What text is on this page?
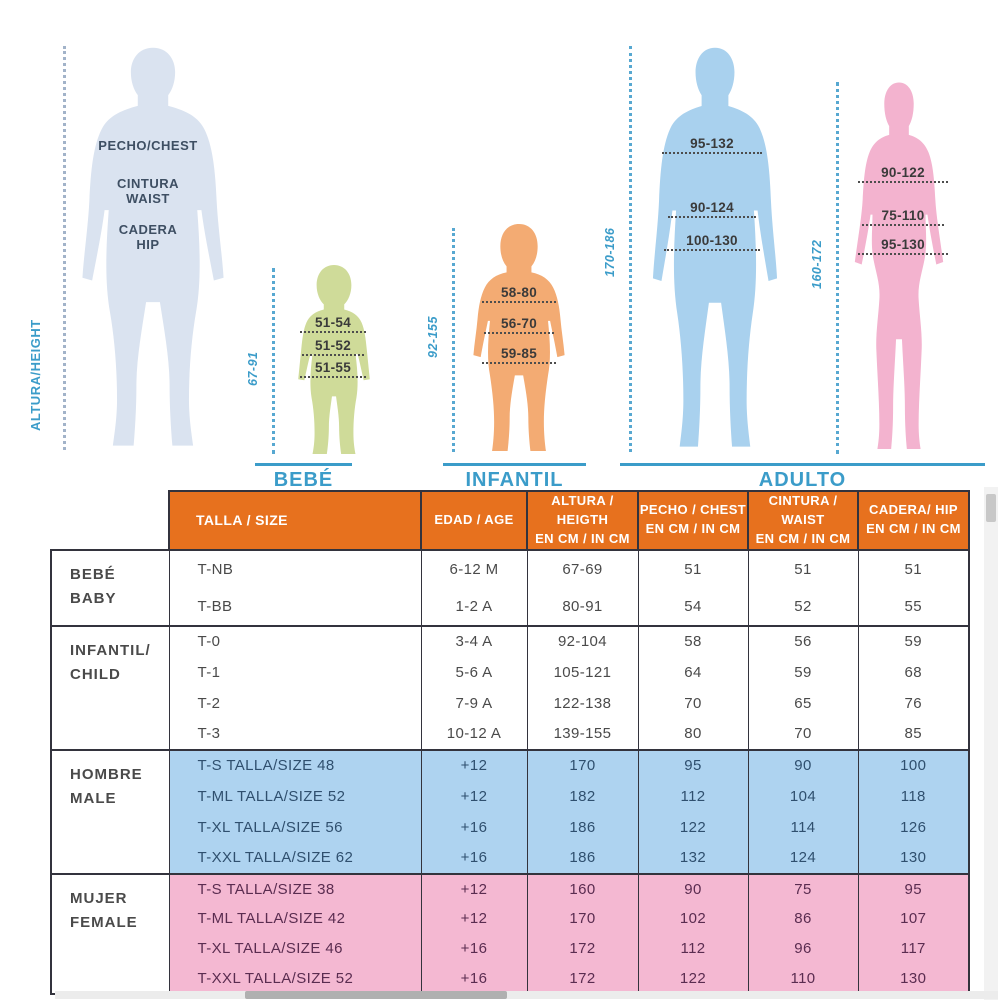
ALTURA/HEIGHT
PECHO/CHEST
CINTURA
WAIST
CADERA
HIP
67-91
51-54
51-52
51-55
92-155
58-80
56-70
59-85
170-186
95-132
90-124
100-130	160-172
90-122
75-110
95-130
BEBÉ	INFANTIL	ADULTO

TALLA / SIZE	EDAD / AGE

ALTURA / HEIGTH
EN CM / IN CM

PECHO / CHEST
EN CM / IN CM

CINTURA / WAIST
EN CM / IN CM

CADERA/ HIP
EN CM / IN CM

BEBÉ
BABY	T-NB	6-12 M	67-69	51	51	51
	T-BB	1-2 A	80-91	54	52	55

INFANTIL/
CHILD	T-0	3-4 A	92-104	58	56	59
	T-1	5-6 A	105-121	64	59	68
	T-2	7-9 A	122-138	70	65	76
	T-3	10-12 A	139-155	80	70	85

HOMBRE
MALE	T-S TALLA/SIZE 48	+12	170	95	90	100
	T-ML TALLA/SIZE 52	+12	182	112	104	118
	T-XL TALLA/SIZE 56	+16	186	122	114	126
	T-XXL TALLA/SIZE 62	+16	186	132	124	130

MUJER
FEMALE	T-S TALLA/SIZE 38	+12	160	90	75	95
	T-ML TALLA/SIZE 42	+12	170	102	86	107
	T-XL TALLA/SIZE 46	+16	172	112	96	117
	T-XXL TALLA/SIZE 52	+16	172	122	110	130
